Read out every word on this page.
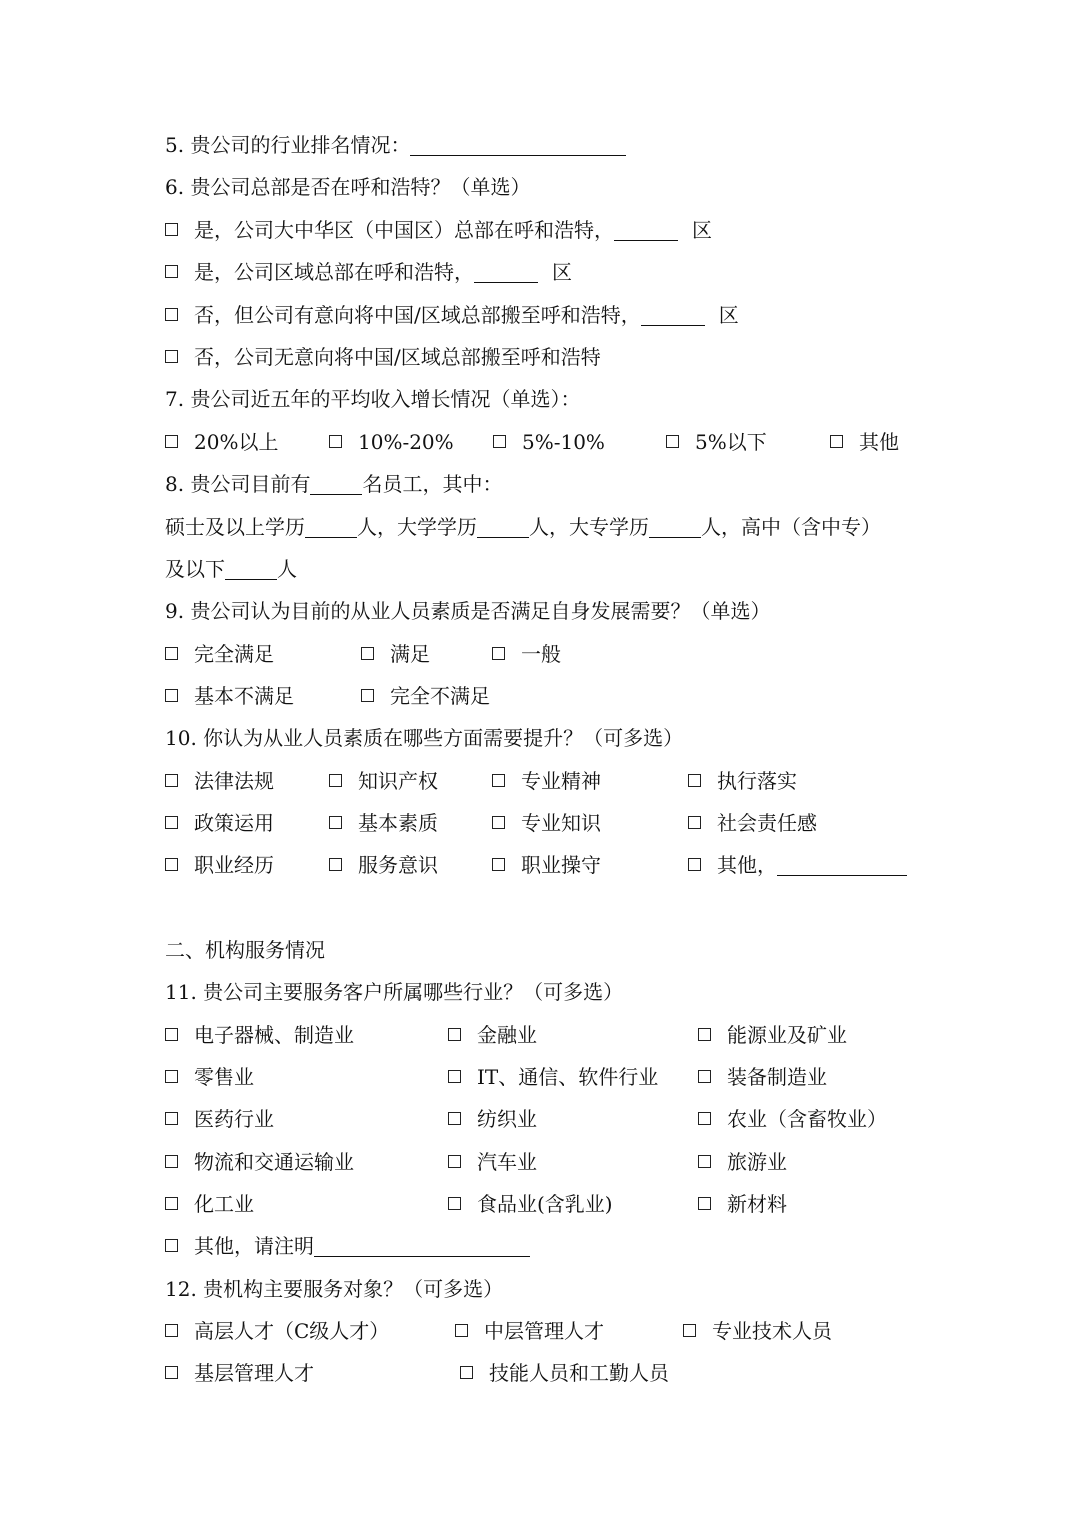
5. 贵公司的行业排名情况：
6. 贵公司总部是否在呼和浩特？（单选）
是，公司大中华区（中国区）总部在呼和浩特，	区
是，公司区域总部在呼和浩特，	区
否，但公司有意向将中国/区域总部搬至呼和浩特，	区
否，公司无意向将中国/区域总部搬至呼和浩特
7. 贵公司近五年的平均收入增长情况（单选）：
20%以上	10%-20%	5%-10%	5%以下	其他
8. 贵公司目前有	名员工，其中：
硕士及以上学历	人，大学学历	人，大专学历	人，高中（含中专）
及以下	人
9. 贵公司认为目前的从业人员素质是否满足自身发展需要？（单选）
完全满足	满足	一般
基本不满足	完全不满足
10. 你认为从业人员素质在哪些方面需要提升？（可多选）
法律法规	知识产权	专业精神	执行落实
政策运用	基本素质	专业知识	社会责任感
职业经历	服务意识	职业操守	其他，
二、机构服务情况
11. 贵公司主要服务客户所属哪些行业？（可多选）
电子器械、制造业	金融业	能源业及矿业
零售业	IT、通信、软件行业	装备制造业
医药行业	纺织业	农业（含畜牧业）
物流和交通运输业	汽车业	旅游业
化工业	食品业(含乳业)	新材料
其他，请注明
12. 贵机构主要服务对象？（可多选）
高层人才（C级人才）	中层管理人才	专业技术人员
基层管理人才	技能人员和工勤人员
